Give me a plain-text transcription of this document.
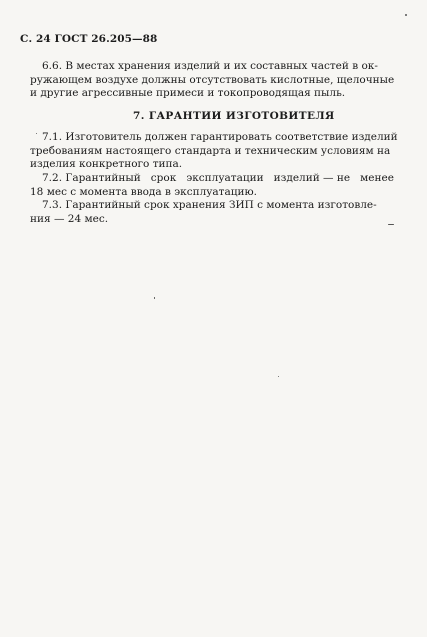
С. 24 ГОСТ 26.205—88
6.6. В местах хранения изделий и их составных частей в ок-
ружающем воздухе должны отсутствовать кислотные, щелочные
и другие агрессивные примеси и токопроводящая пыль.
7. ГАРАНТИИ ИЗГОТОВИТЕЛЯ
7.1. Изготовитель должен гарантировать соответствие изделий
требованиям настоящего стандарта и техническим условиям на
изделия конкретного типа.
7.2. Гарантийный срок эксплуатации изделий — не менее
18 мес с момента ввода в эксплуатацию.
7.3. Гарантийный срок хранения ЗИП с момента изготовле-
ния — 24 мес.
